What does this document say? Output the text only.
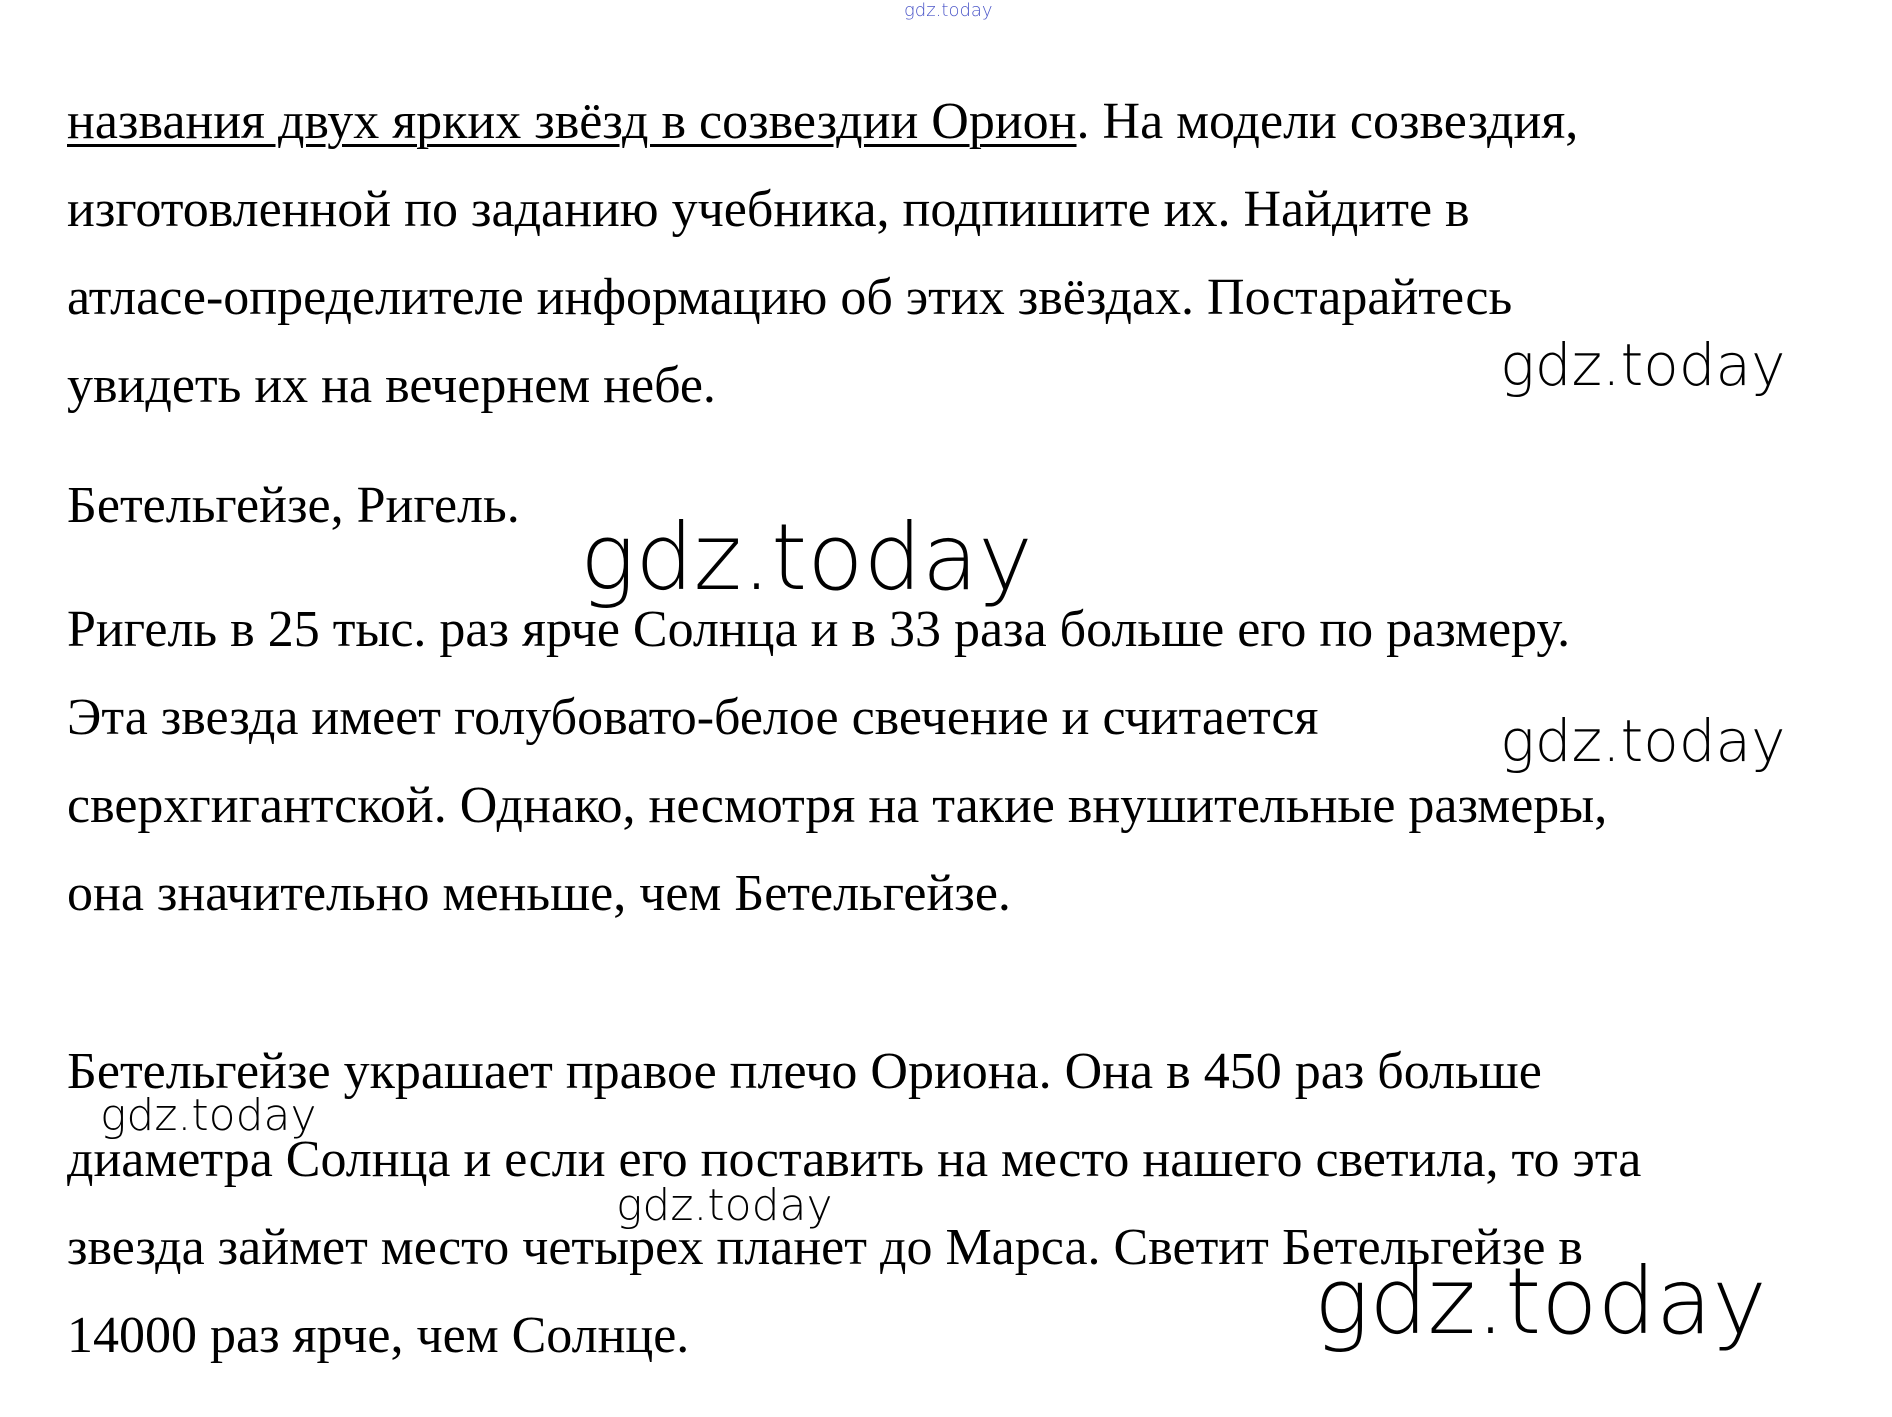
gdz.today
названия двух ярких звёзд в созвездии Орион. На модели созвездия,
изготовленной по заданию учебника, подпишите их. Найдите в
атласе-определителе информацию об этих звёздах. Постарайтесь
увидеть их на вечернем небе.
Бетельгейзе, Ригель.
Ригель в 25 тыс. раз ярче Солнца и в 33 раза больше его по размеру.
Эта звезда имеет голубовато-белое свечение и считается
сверхгигантской. Однако, несмотря на такие внушительные размеры,
она значительно меньше, чем Бетельгейзе.
Бетельгейзе украшает правое плечо Ориона. Она в 450 раз больше
диаметра Солнца и если его поставить на место нашего светила, то эта
звезда займет место четырех планет до Марса. Светит Бетельгейзе в
14000 раз ярче, чем Солнце.
gdz.today
gdz.today
gdz.today
gdz.today
gdz.today
gdz.today
